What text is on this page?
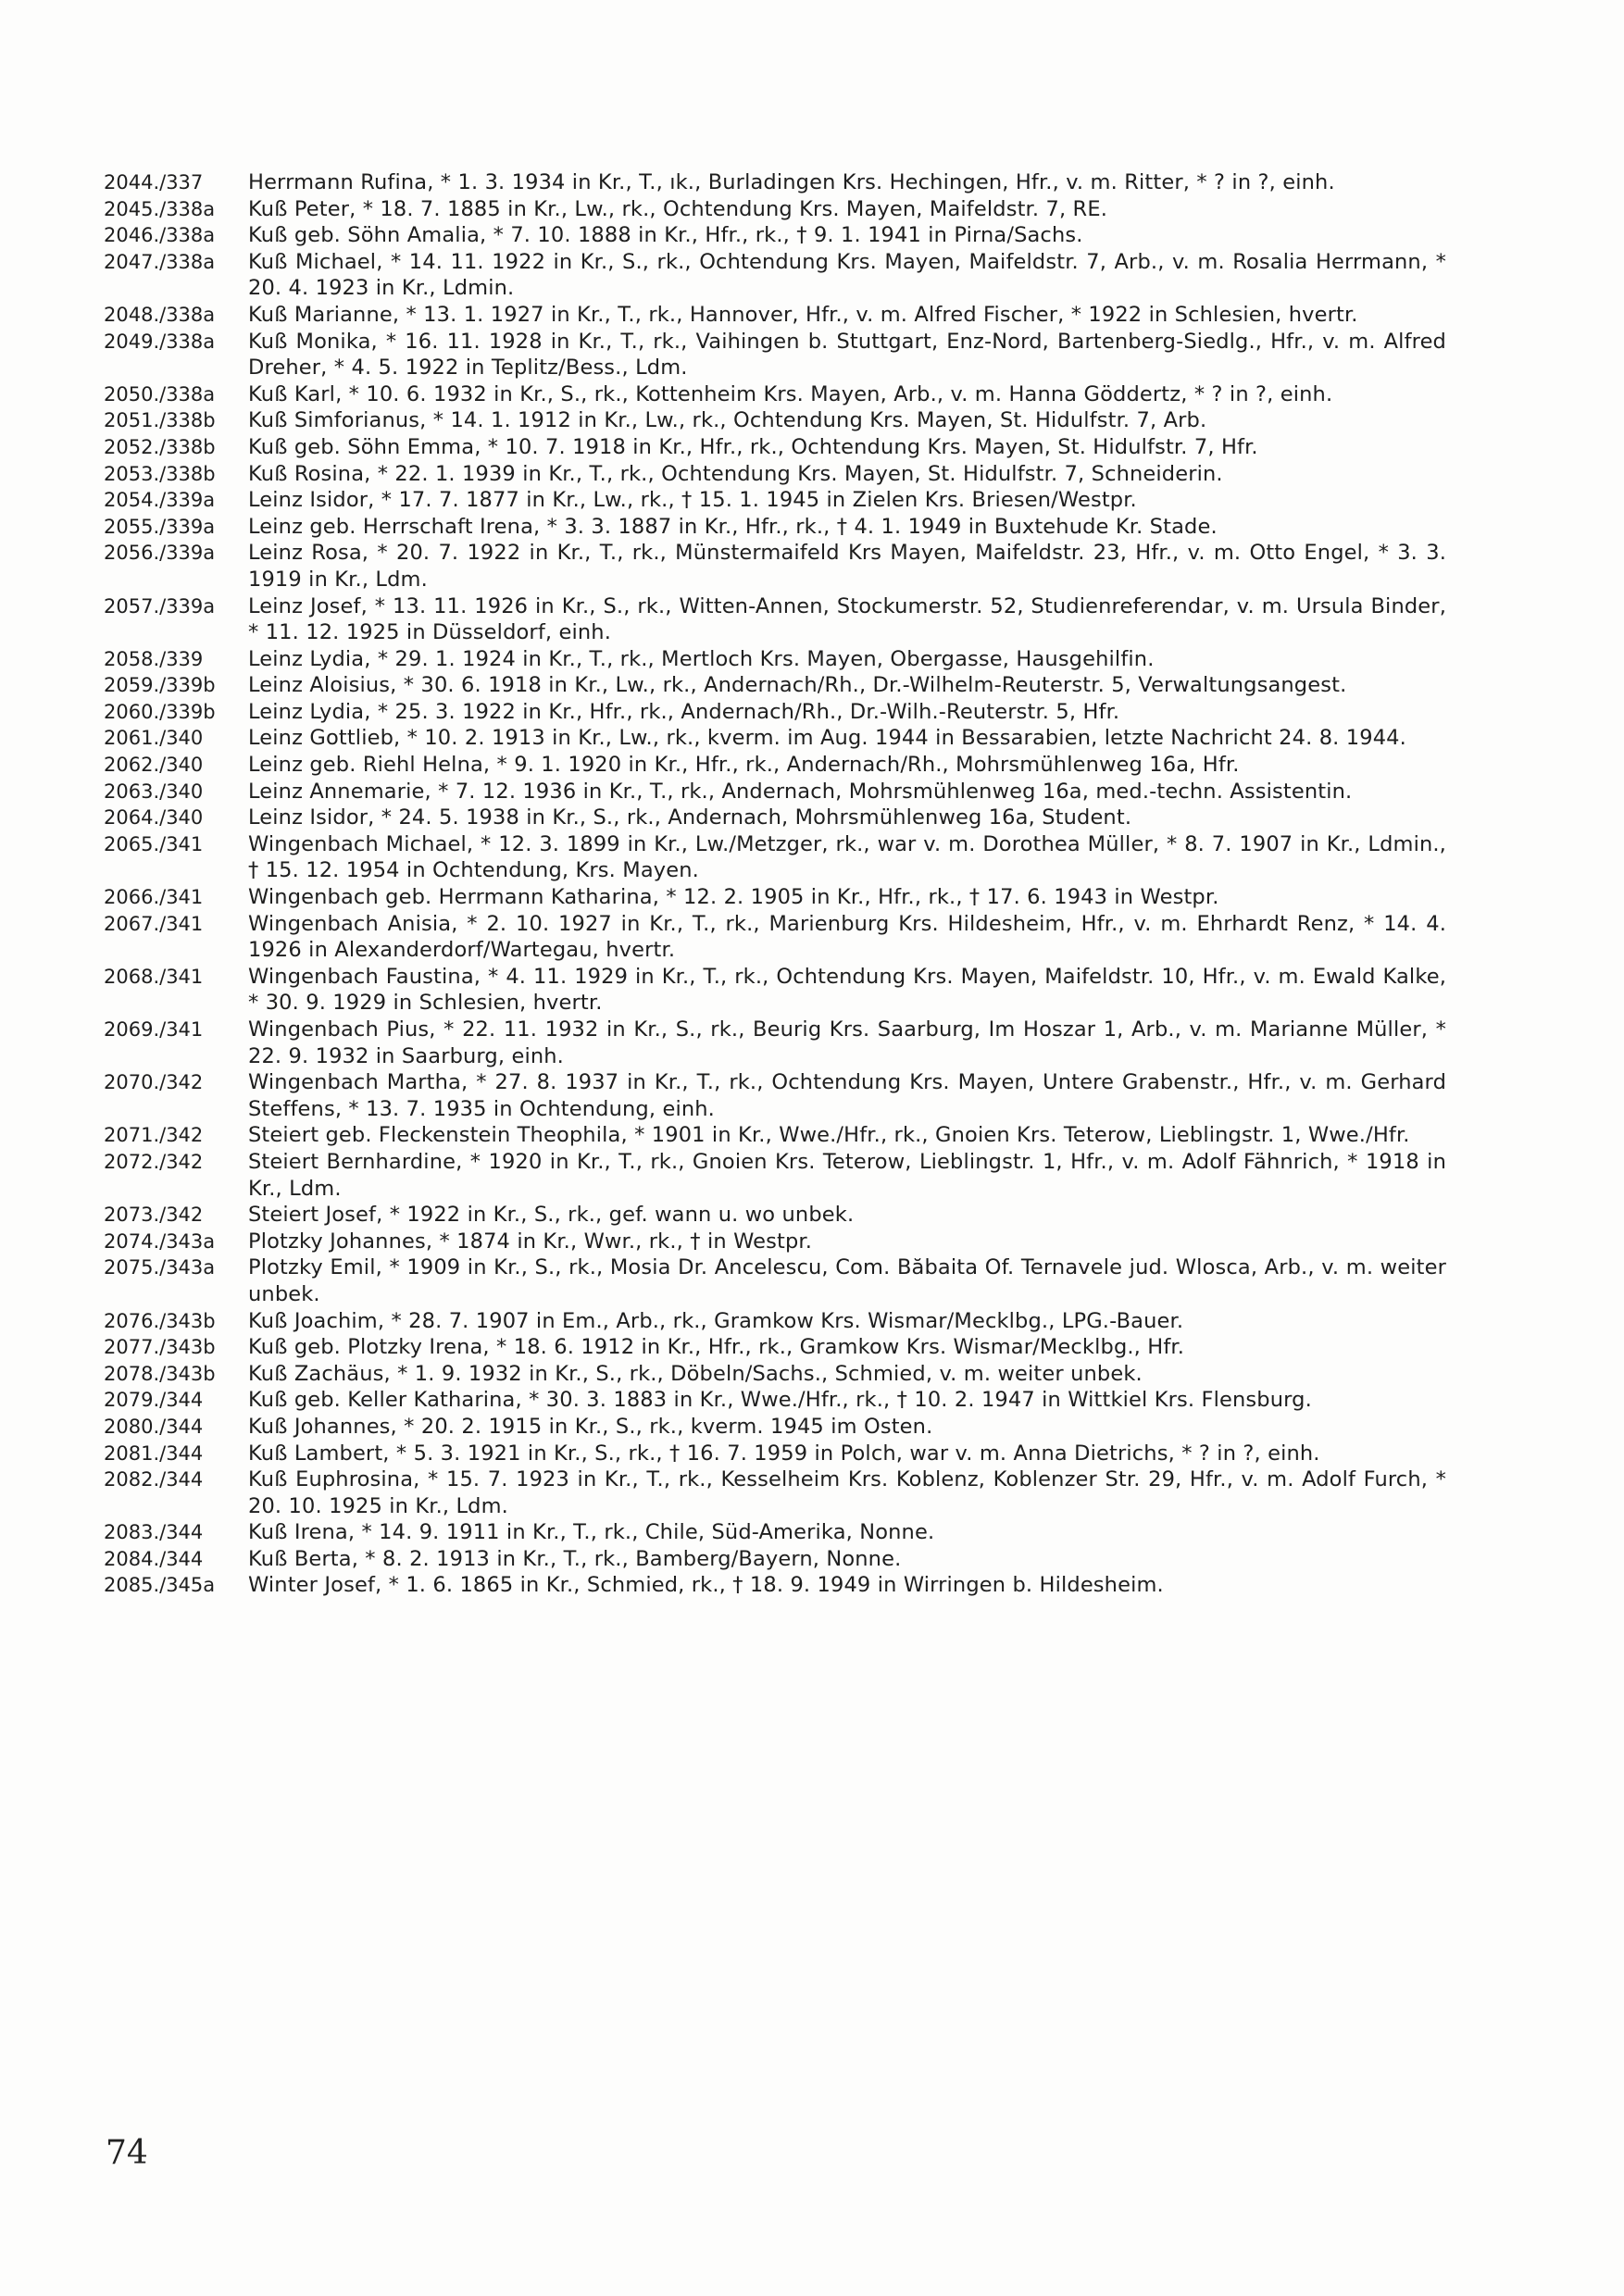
2044./337	Herrmann Rufina, * 1. 3. 1934 in Kr., T., ık., Burladingen Krs. Hechingen, Hfr., v. m. Ritter, * ? in ?, einh.
2045./338a	Kuß Peter, * 18. 7. 1885 in Kr., Lw., rk., Ochtendung Krs. Mayen, Maifeldstr. 7, RE.
2046./338a	Kuß geb. Söhn Amalia, * 7. 10. 1888 in Kr., Hfr., rk., † 9. 1. 1941 in Pirna/Sachs.
2047./338a	Kuß Michael, * 14. 11. 1922 in Kr., S., rk., Ochtendung Krs. Mayen, Maifeldstr. 7, Arb., v. m. Rosalia Herrmann, * 20. 4. 1923 in Kr., Ldmin.
2048./338a	Kuß Marianne, * 13. 1. 1927 in Kr., T., rk., Hannover, Hfr., v. m. Alfred Fischer, * 1922 in Schlesien, hvertr.
2049./338a	Kuß Monika, * 16. 11. 1928 in Kr., T., rk., Vaihingen b. Stuttgart, Enz-Nord, Bartenberg-Siedlg., Hfr., v. m. Alfred Dreher, * 4. 5. 1922 in Teplitz/Bess., Ldm.
2050./338a	Kuß Karl, * 10. 6. 1932 in Kr., S., rk., Kottenheim Krs. Mayen, Arb., v. m. Hanna Göddertz, * ? in ?, einh.
2051./338b	Kuß Simforianus, * 14. 1. 1912 in Kr., Lw., rk., Ochtendung Krs. Mayen, St. Hidulfstr. 7, Arb.
2052./338b	Kuß geb. Söhn Emma, * 10. 7. 1918 in Kr., Hfr., rk., Ochtendung Krs. Mayen, St. Hidulfstr. 7, Hfr.
2053./338b	Kuß Rosina, * 22. 1. 1939 in Kr., T., rk., Ochtendung Krs. Mayen, St. Hidulfstr. 7, Schneiderin.
2054./339a	Leinz Isidor, * 17. 7. 1877 in Kr., Lw., rk., † 15. 1. 1945 in Zielen Krs. Briesen/Westpr.
2055./339a	Leinz geb. Herrschaft Irena, * 3. 3. 1887 in Kr., Hfr., rk., † 4. 1. 1949 in Buxtehude Kr. Stade.
2056./339a	Leinz Rosa, * 20. 7. 1922 in Kr., T., rk., Münstermaifeld Krs Mayen, Maifeldstr. 23, Hfr., v. m. Otto Engel, * 3. 3. 1919 in Kr., Ldm.
2057./339a	Leinz Josef, * 13. 11. 1926 in Kr., S., rk., Witten-Annen, Stockumerstr. 52, Studienreferendar, v. m. Ursula Binder, * 11. 12. 1925 in Düsseldorf, einh.
2058./339	Leinz Lydia, * 29. 1. 1924 in Kr., T., rk., Mertloch Krs. Mayen, Obergasse, Hausgehilfin.
2059./339b	Leinz Aloisius, * 30. 6. 1918 in Kr., Lw., rk., Andernach/Rh., Dr.-Wilhelm-Reuterstr. 5, Verwaltungsangest.
2060./339b	Leinz Lydia, * 25. 3. 1922 in Kr., Hfr., rk., Andernach/Rh., Dr.-Wilh.-Reuterstr. 5, Hfr.
2061./340	Leinz Gottlieb, * 10. 2. 1913 in Kr., Lw., rk., kverm. im Aug. 1944 in Bessarabien, letzte Nachricht 24. 8. 1944.
2062./340	Leinz geb. Riehl Helna, * 9. 1. 1920 in Kr., Hfr., rk., Andernach/Rh., Mohrsmühlenweg 16a, Hfr.
2063./340	Leinz Annemarie, * 7. 12. 1936 in Kr., T., rk., Andernach, Mohrsmühlenweg 16a, med.-techn. Assistentin.
2064./340	Leinz Isidor, * 24. 5. 1938 in Kr., S., rk., Andernach, Mohrsmühlenweg 16a, Student.
2065./341	Wingenbach Michael, * 12. 3. 1899 in Kr., Lw./Metzger, rk., war v. m. Dorothea Müller, * 8. 7. 1907 in Kr., Ldmin., † 15. 12. 1954 in Ochtendung, Krs. Mayen.
2066./341	Wingenbach geb. Herrmann Katharina, * 12. 2. 1905 in Kr., Hfr., rk., † 17. 6. 1943 in Westpr.
2067./341	Wingenbach Anisia, * 2. 10. 1927 in Kr., T., rk., Marienburg Krs. Hildesheim, Hfr., v. m. Ehrhardt Renz, * 14. 4. 1926 in Alexanderdorf/Wartegau, hvertr.
2068./341	Wingenbach Faustina, * 4. 11. 1929 in Kr., T., rk., Ochtendung Krs. Mayen, Maifeldstr. 10, Hfr., v. m. Ewald Kalke, * 30. 9. 1929 in Schlesien, hvertr.
2069./341	Wingenbach Pius, * 22. 11. 1932 in Kr., S., rk., Beurig Krs. Saarburg, Im Hoszar 1, Arb., v. m. Marianne Müller, * 22. 9. 1932 in Saarburg, einh.
2070./342	Wingenbach Martha, * 27. 8. 1937 in Kr., T., rk., Ochtendung Krs. Mayen, Untere Grabenstr., Hfr., v. m. Gerhard Steffens, * 13. 7. 1935 in Ochtendung, einh.
2071./342	Steiert geb. Fleckenstein Theophila, * 1901 in Kr., Wwe./Hfr., rk., Gnoien Krs. Teterow, Lieblingstr. 1, Wwe./Hfr.
2072./342	Steiert Bernhardine, * 1920 in Kr., T., rk., Gnoien Krs. Teterow, Lieblingstr. 1, Hfr., v. m. Adolf Fähnrich, * 1918 in Kr., Ldm.
2073./342	Steiert Josef, * 1922 in Kr., S., rk., gef. wann u. wo unbek.
2074./343a	Plotzky Johannes, * 1874 in Kr., Wwr., rk., † in Westpr.
2075./343a	Plotzky Emil, * 1909 in Kr., S., rk., Mosia Dr. Ancelescu, Com. Băbaita Of. Ternavele jud. Wlosca, Arb., v. m. weiter unbek.
2076./343b	Kuß Joachim, * 28. 7. 1907 in Em., Arb., rk., Gramkow Krs. Wismar/Mecklbg., LPG.-Bauer.
2077./343b	Kuß geb. Plotzky Irena, * 18. 6. 1912 in Kr., Hfr., rk., Gramkow Krs. Wismar/Mecklbg., Hfr.
2078./343b	Kuß Zachäus, * 1. 9. 1932 in Kr., S., rk., Döbeln/Sachs., Schmied, v. m. weiter unbek.
2079./344	Kuß geb. Keller Katharina, * 30. 3. 1883 in Kr., Wwe./Hfr., rk., † 10. 2. 1947 in Wittkiel Krs. Flensburg.
2080./344	Kuß Johannes, * 20. 2. 1915 in Kr., S., rk., kverm. 1945 im Osten.
2081./344	Kuß Lambert, * 5. 3. 1921 in Kr., S., rk., † 16. 7. 1959 in Polch, war v. m. Anna Dietrichs, * ? in ?, einh.
2082./344	Kuß Euphrosina, * 15. 7. 1923 in Kr., T., rk., Kesselheim Krs. Koblenz, Koblenzer Str. 29, Hfr., v. m. Adolf Furch, * 20. 10. 1925 in Kr., Ldm.
2083./344	Kuß Irena, * 14. 9. 1911 in Kr., T., rk., Chile, Süd-Amerika, Nonne.
2084./344	Kuß Berta, * 8. 2. 1913 in Kr., T., rk., Bamberg/Bayern, Nonne.
2085./345a	Winter Josef, * 1. 6. 1865 in Kr., Schmied, rk., † 18. 9. 1949 in Wirringen b. Hildesheim.
74
